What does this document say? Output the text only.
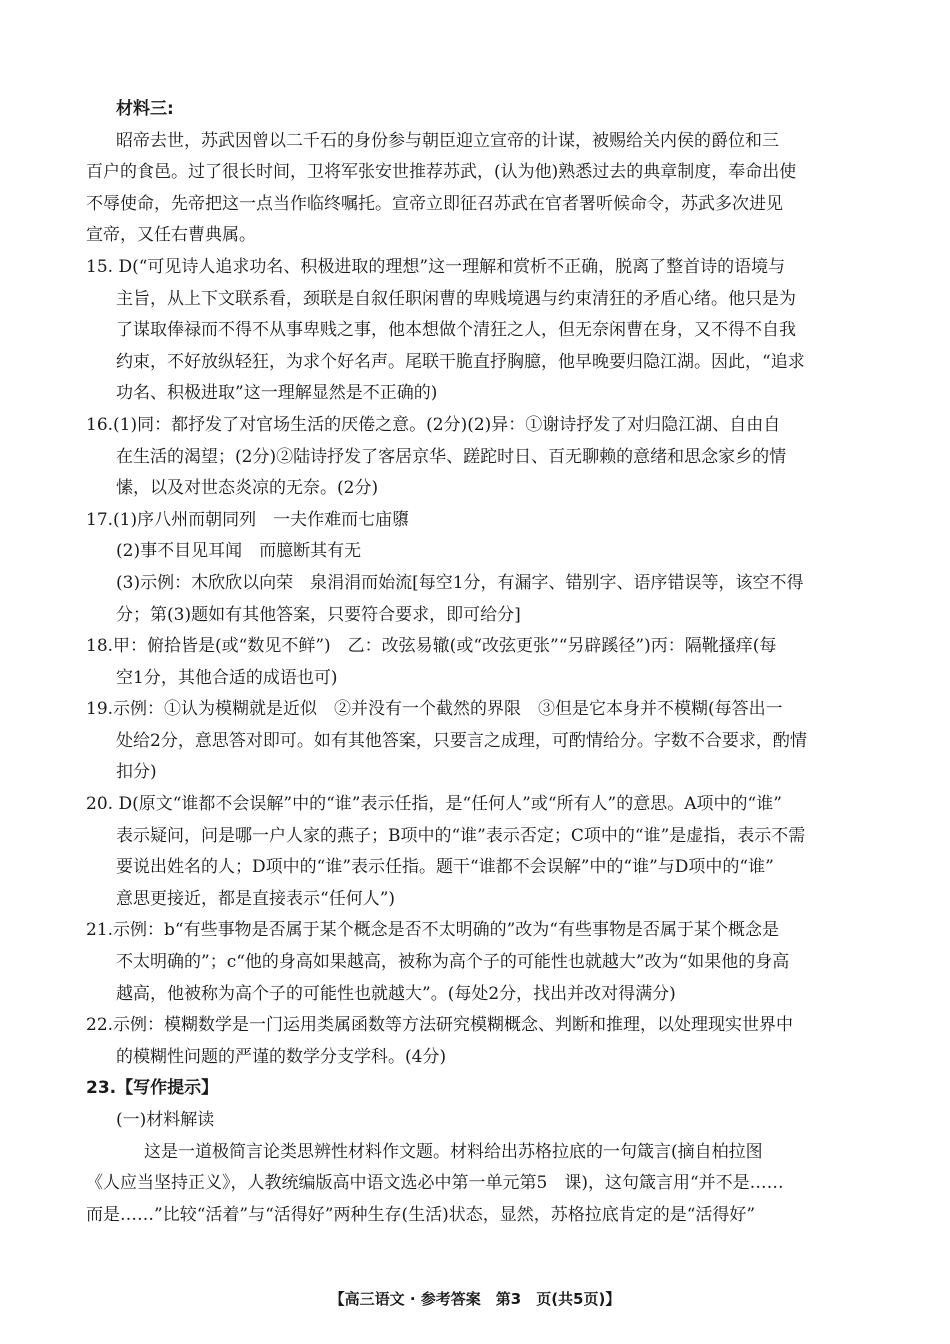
材料三:
昭帝去世，苏武因曾以二千石的身份参与朝臣迎立宣帝的计谋，被赐给关内侯的爵位和三
百户的食邑。过了很长时间，卫将军张安世推荐苏武，(认为他)熟悉过去的典章制度，奉命出使
不辱使命，先帝把这一点当作临终嘱托。宣帝立即征召苏武在官者署听候命令，苏武多次进见
宣帝，又任右曹典属。
15. D(“可见诗人追求功名、积极进取的理想”这一理解和赏析不正确，脱离了整首诗的语境与
主旨，从上下文联系看，颈联是自叙任职闲曹的卑贱境遇与约束清狂的矛盾心绪。他只是为
了谋取俸禄而不得不从事卑贱之事，他本想做个清狂之人，但无奈闲曹在身，又不得不自我
约束，不好放纵轻狂，为求个好名声。尾联干脆直抒胸臆，他早晚要归隐江湖。因此，“追求
功名、积极进取”这一理解显然是不正确的)
16.(1)同：都抒发了对官场生活的厌倦之意。(2分)(2)异：①谢诗抒发了对归隐江湖、自由自
在生活的渴望；(2分)②陆诗抒发了客居京华、蹉跎时日、百无聊赖的意绪和思念家乡的情
愫，以及对世态炎凉的无奈。(2分)
17.(1)序八州而朝同列　一夫作难而七庙隳
(2)事不目见耳闻　而臆断其有无
(3)示例：木欣欣以向荣　泉涓涓而始流[每空1分，有漏字、错别字、语序错误等，该空不得
分；第(3)题如有其他答案，只要符合要求，即可给分]
18.甲：俯拾皆是(或“数见不鲜”)　乙：改弦易辙(或“改弦更张”“另辟蹊径”)丙：隔靴搔痒(每
空1分，其他合适的成语也可)
19.示例：①认为模糊就是近似　②并没有一个截然的界限　③但是它本身并不模糊(每答出一
处给2分，意思答对即可。如有其他答案，只要言之成理，可酌情给分。字数不合要求，酌情
扣分)
20. D(原文“谁都不会误解”中的“谁”表示任指，是“任何人”或“所有人”的意思。A项中的“谁”
表示疑问，问是哪一户人家的燕子；B项中的“谁”表示否定；C项中的“谁”是虚指，表示不需
要说出姓名的人；D项中的“谁”表示任指。题干“谁都不会误解”中的“谁”与D项中的“谁”
意思更接近，都是直接表示“任何人”)
21.示例：b“有些事物是否属于某个概念是否不太明确的”改为“有些事物是否属于某个概念是
不太明确的”；c“他的身高如果越高，被称为高个子的可能性也就越大”改为“如果他的身高
越高，他被称为高个子的可能性也就越大”。(每处2分，找出并改对得满分)
22.示例：模糊数学是一门运用类属函数等方法研究模糊概念、判断和推理，以处理现实世界中
的模糊性问题的严谨的数学分支学科。(4分)
23.【写作提示】
(一)材料解读
这是一道极简言论类思辨性材料作文题。材料给出苏格拉底的一句箴言(摘自柏拉图
《人应当坚持正义》，人教统编版高中语文选必中第一单元第5　课)，这句箴言用“并不是……
而是……”比较“活着”与“活得好”两种生存(生活)状态，显然，苏格拉底肯定的是“活得好”
【高三语文 · 参考答案　第3　页(共5页)】
